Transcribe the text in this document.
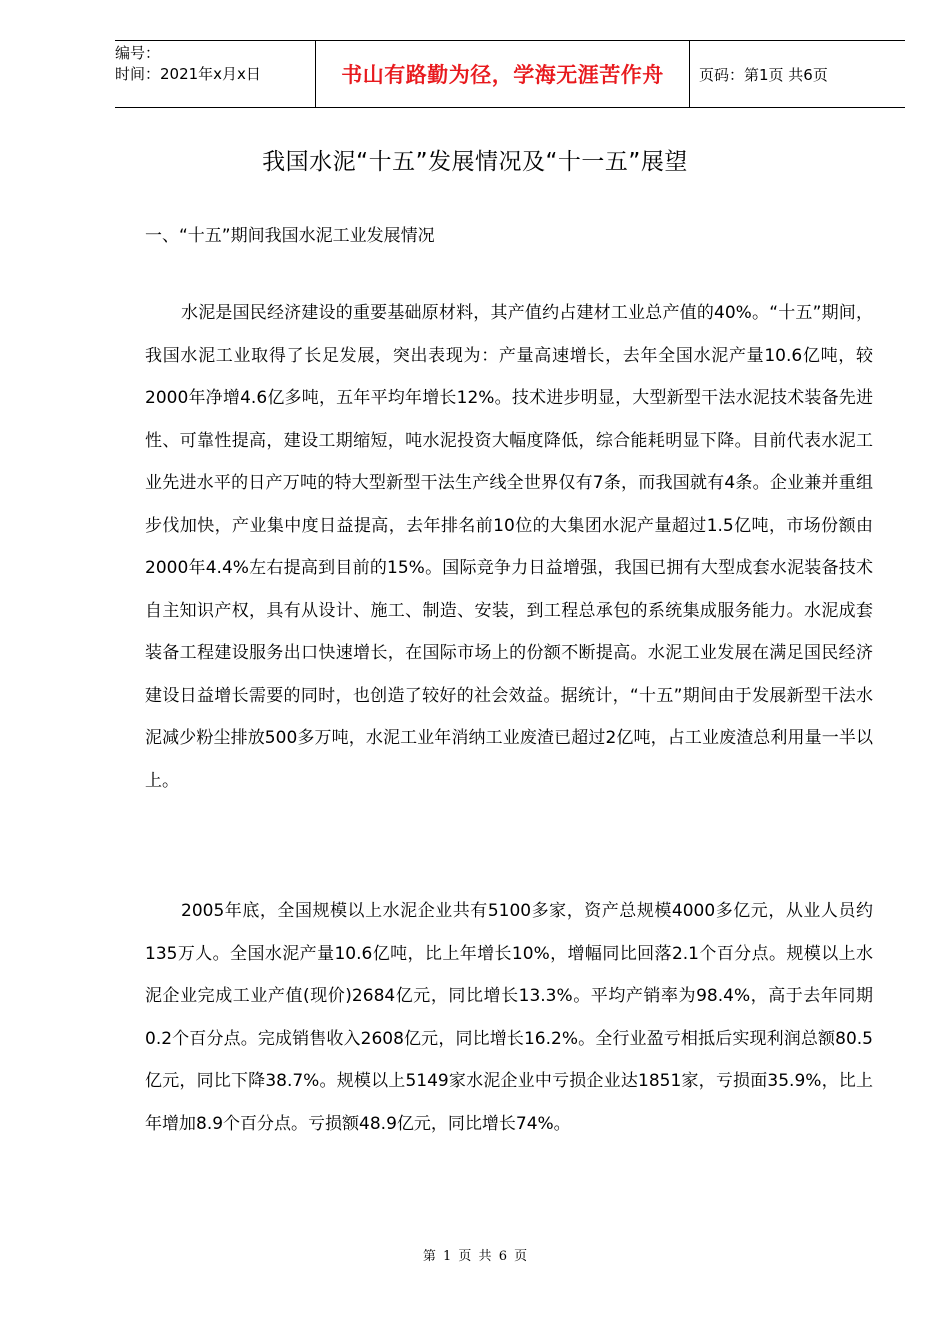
编号：
时间：2021年x月x日	书山有路勤为径，学海无涯苦作舟	页码：第1页 共6页
我国水泥“十五”发展情况及“十一五”展望
一、“十五”期间我国水泥工业发展情况

水泥是国民经济建设的重要基础原材料，其产值约占建材工业总产值的40%。“十五”期间，我国水泥工业取得了长足发展，突出表现为：产量高速增长，去年全国水泥产量10.6亿吨，较2000年净增4.6亿多吨，五年平均年增长12%。技术进步明显，大型新型干法水泥技术装备先进性、可靠性提高，建设工期缩短，吨水泥投资大幅度降低，综合能耗明显下降。目前代表水泥工业先进水平的日产万吨的特大型新型干法生产线全世界仅有7条，而我国就有4条。企业兼并重组步伐加快，产业集中度日益提高，去年排名前10位的大集团水泥产量超过1.5亿吨，市场份额由2000年4.4%左右提高到目前的15%。国际竞争力日益增强，我国已拥有大型成套水泥装备技术自主知识产权，具有从设计、施工、制造、安装，到工程总承包的系统集成服务能力。水泥成套装备工程建设服务出口快速增长，在国际市场上的份额不断提高。水泥工业发展在满足国民经济建设日益增长需要的同时，也创造了较好的社会效益。据统计，“十五”期间由于发展新型干法水泥减少粉尘排放500多万吨，水泥工业年消纳工业废渣已超过2亿吨，占工业废渣总利用量一半以上。

2005年底，全国规模以上水泥企业共有5100多家，资产总规模4000多亿元，从业人员约135万人。全国水泥产量10.6亿吨，比上年增长10%，增幅同比回落2.1个百分点。规模以上水泥企业完成工业产值(现价)2684亿元，同比增长13.3%。平均产销率为98.4%，高于去年同期0.2个百分点。完成销售收入2608亿元，同比增长16.2%。全行业盈亏相抵后实现利润总额80.5亿元，同比下降38.7%。规模以上5149家水泥企业中亏损企业达1851家，亏损面35.9%，比上年增加8.9个百分点。亏损额48.9亿元，同比增长74%。

第 1 页 共 6 页
